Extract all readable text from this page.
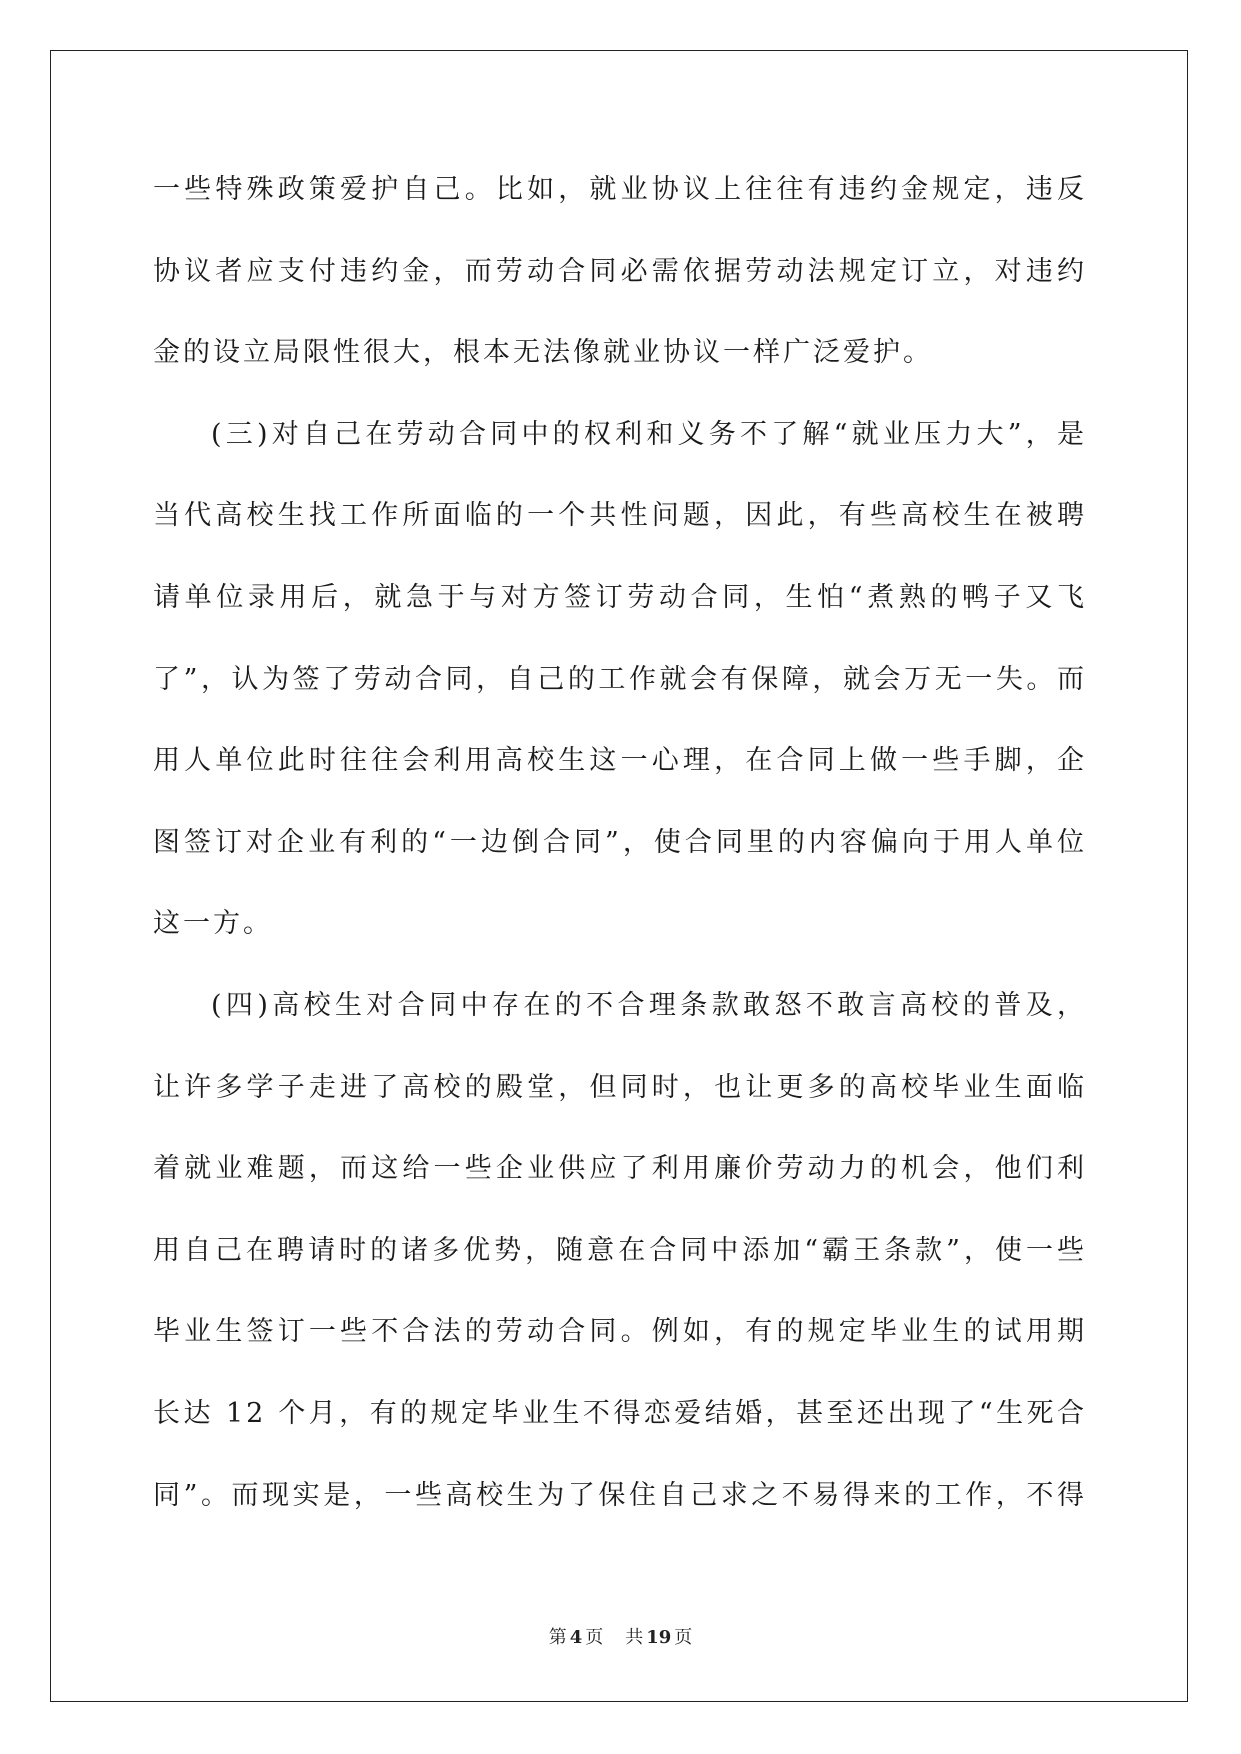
一些特殊政策爱护自己。比如，就业协议上往往有违约金规定，违反
协议者应支付违约金，而劳动合同必需依据劳动法规定订立，对违约
金的设立局限性很大，根本无法像就业协议一样广泛爱护。
(三)对自己在劳动合同中的权利和义务不了解“就业压力大”，是
当代高校生找工作所面临的一个共性问题，因此，有些高校生在被聘
请单位录用后，就急于与对方签订劳动合同，生怕“煮熟的鸭子又飞
了”，认为签了劳动合同，自己的工作就会有保障，就会万无一失。而
用人单位此时往往会利用高校生这一心理，在合同上做一些手脚，企
图签订对企业有利的“一边倒合同”，使合同里的内容偏向于用人单位
这一方。
(四)高校生对合同中存在的不合理条款敢怒不敢言高校的普及，
让许多学子走进了高校的殿堂，但同时，也让更多的高校毕业生面临
着就业难题，而这给一些企业供应了利用廉价劳动力的机会，他们利
用自己在聘请时的诸多优势，随意在合同中添加“霸王条款”，使一些
毕业生签订一些不合法的劳动合同。例如，有的规定毕业生的试用期
长达 12 个月，有的规定毕业生不得恋爱结婚，甚至还出现了“生死合
同”。而现实是，一些高校生为了保住自己求之不易得来的工作，不得
第 4 页 共 19 页
